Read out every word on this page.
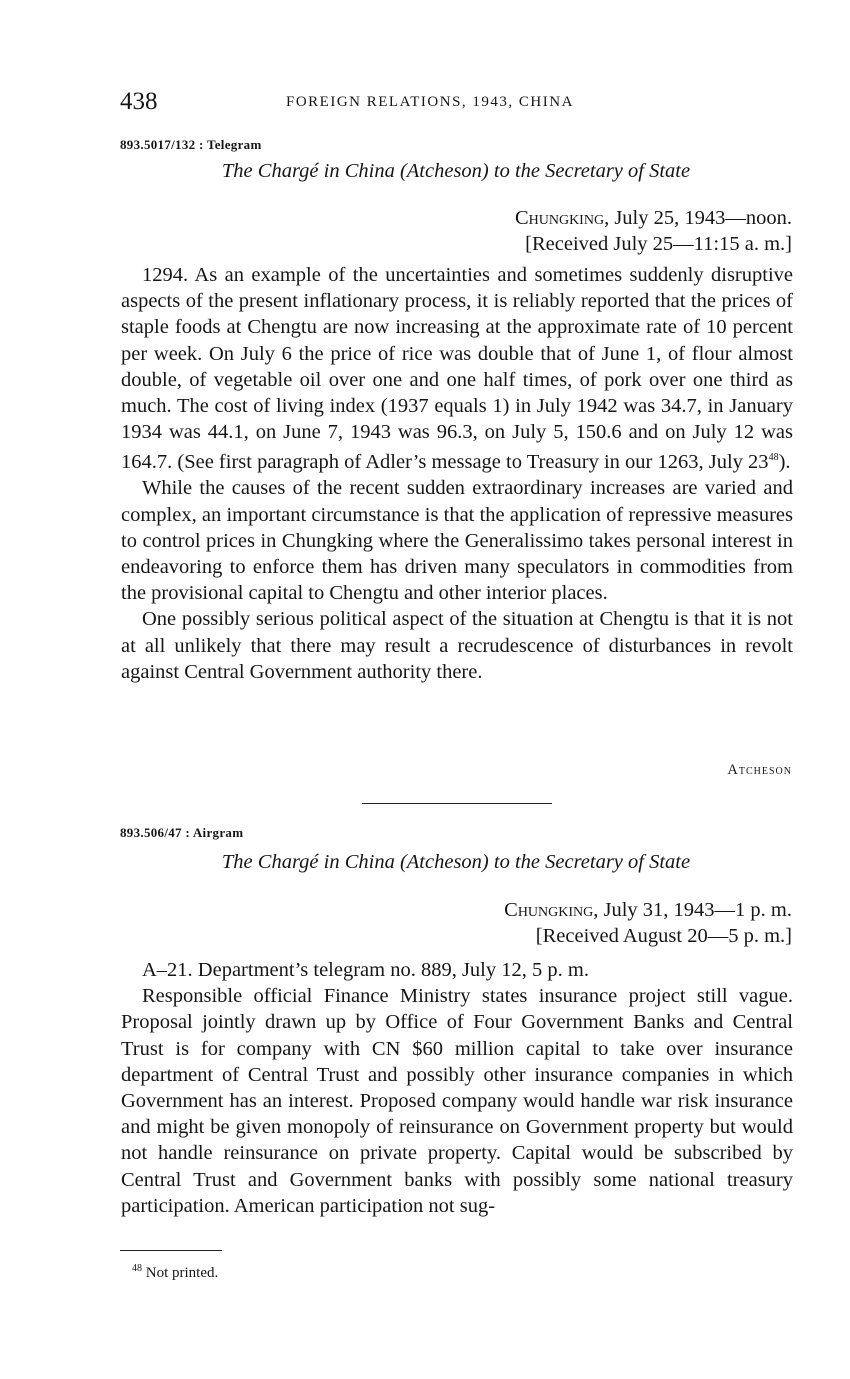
438	FOREIGN RELATIONS, 1943, CHINA
893.5017/132 : Telegram
The Chargé in China (Atcheson) to the Secretary of State
Chungking, July 25, 1943—noon.
[Received July 25—11:15 a. m.]

1294. As an example of the uncertainties and sometimes suddenly disruptive aspects of the present inflationary process, it is reliably reported that the prices of staple foods at Chengtu are now increasing at the approximate rate of 10 percent per week. On July 6 the price of rice was double that of June 1, of flour almost double, of vegetable oil over one and one half times, of pork over one third as much. The cost of living index (1937 equals 1) in July 1942 was 34.7, in January 1934 was 44.1, on June 7, 1943 was 96.3, on July 5, 150.6 and on July 12 was 164.7. (See first paragraph of Adler’s message to Treasury in our 1263, July 23$^{48}$).

While the causes of the recent sudden extraordinary increases are varied and complex, an important circumstance is that the application of repressive measures to control prices in Chungking where the Generalissimo takes personal interest in endeavoring to enforce them has driven many speculators in commodities from the provisional capital to Chengtu and other interior places.

One possibly serious political aspect of the situation at Chengtu is that it is not at all unlikely that there may result a recrudescence of disturbances in revolt against Central Government authority there.

Atcheson
893.506/47 : Airgram
The Chargé in China (Atcheson) to the Secretary of State
Chungking, July 31, 1943—1 p. m.
[Received August 20—5 p. m.]

A–21. Department’s telegram no. 889, July 12, 5 p. m.

Responsible official Finance Ministry states insurance project still vague. Proposal jointly drawn up by Office of Four Government Banks and Central Trust is for company with CN $60 million capital to take over insurance department of Central Trust and possibly other insurance companies in which Government has an interest. Proposed company would handle war risk insurance and might be given monopoly of reinsurance on Government property but would not handle reinsurance on private property. Capital would be subscribed by Central Trust and Government banks with possibly some national treasury participation. American participation not sug-

$^{48}$ Not printed.
